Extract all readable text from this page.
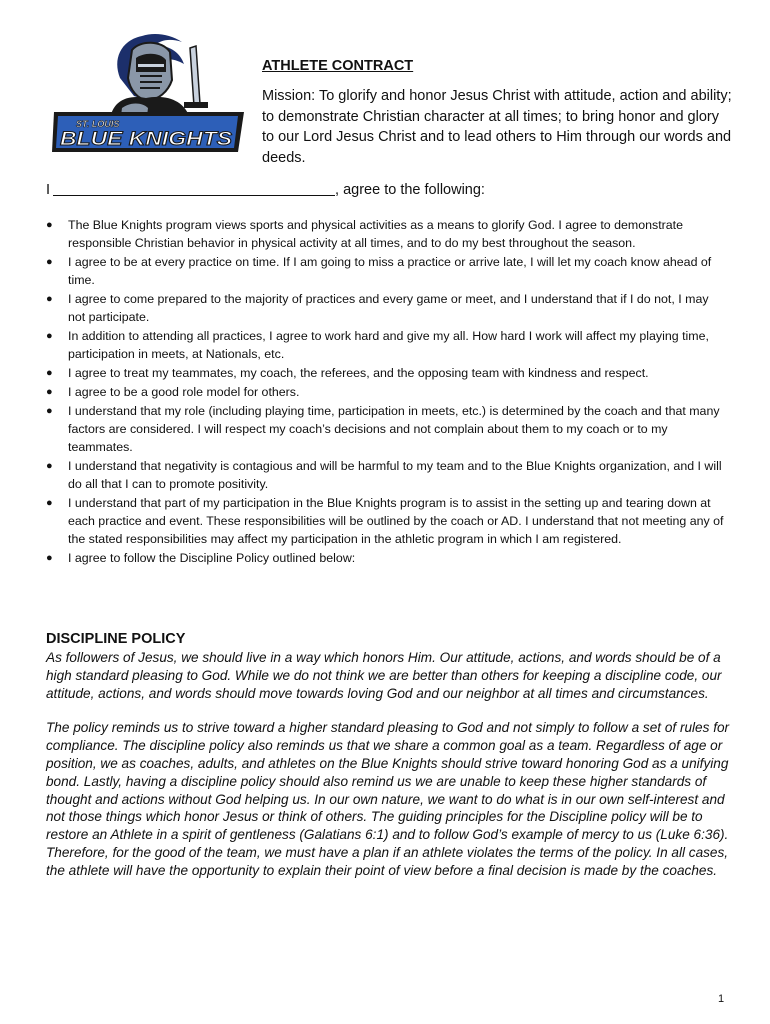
ST. LOUIS
BLUE KNIGHTS

ATHLETE CONTRACT

Mission: To glorify and honor Jesus Christ with attitude, action and ability; to demonstrate Christian character at all times; to bring honor and glory to our Lord Jesus Christ and to lead others to Him through our words and deeds.

I	, agree to the following:
● The Blue Knights program views sports and physical activities as a means to glorify God. I agree to demonstrate responsible Christian behavior in physical activity at all times, and to do my best throughout the season.
● I agree to be at every practice on time. If I am going to miss a practice or arrive late, I will let my coach know ahead of time.
● I agree to come prepared to the majority of practices and every game or meet, and I understand that if I do not, I may not participate.
● In addition to attending all practices, I agree to work hard and give my all. How hard I work will affect my playing time, participation in meets, at Nationals, etc.
● I agree to treat my teammates, my coach, the referees, and the opposing team with kindness and respect.
● I agree to be a good role model for others.
● I understand that my role (including playing time, participation in meets, etc.) is determined by the coach and that many factors are considered. I will respect my coach’s decisions and not complain about them to my coach or to my teammates.
● I understand that negativity is contagious and will be harmful to my team and to the Blue Knights organization, and I will do all that I can to promote positivity.
● I understand that part of my participation in the Blue Knights program is to assist in the setting up and tearing down at each practice and event. These responsibilities will be outlined by the coach or AD. I understand that not meeting any of the stated responsibilities may affect my participation in the athletic program in which I am registered.
● I agree to follow the Discipline Policy outlined below:
DISCIPLINE POLICY

As followers of Jesus, we should live in a way which honors Him. Our attitude, actions, and words should be of a high standard pleasing to God. While we do not think we are better than others for keeping a discipline code, our attitude, actions, and words should move towards loving God and our neighbor at all times and circumstances.

The policy reminds us to strive toward a higher standard pleasing to God and not simply to follow a set of rules for compliance. The discipline policy also reminds us that we share a common goal as a team. Regardless of age or position, we as coaches, adults, and athletes on the Blue Knights should strive toward honoring God as a unifying bond. Lastly, having a discipline policy should also remind us we are unable to keep these higher standards of thought and actions without God helping us. In our own nature, we want to do what is in our own self-interest and not those things which honor Jesus or think of others. The guiding principles for the Discipline policy will be to restore an Athlete in a spirit of gentleness (Galatians 6:1) and to follow God’s example of mercy to us (Luke 6:36). Therefore, for the good of the team, we must have a plan if an athlete violates the terms of the policy. In all cases, the athlete will have the opportunity to explain their point of view before a final decision is made by the coaches.

1
